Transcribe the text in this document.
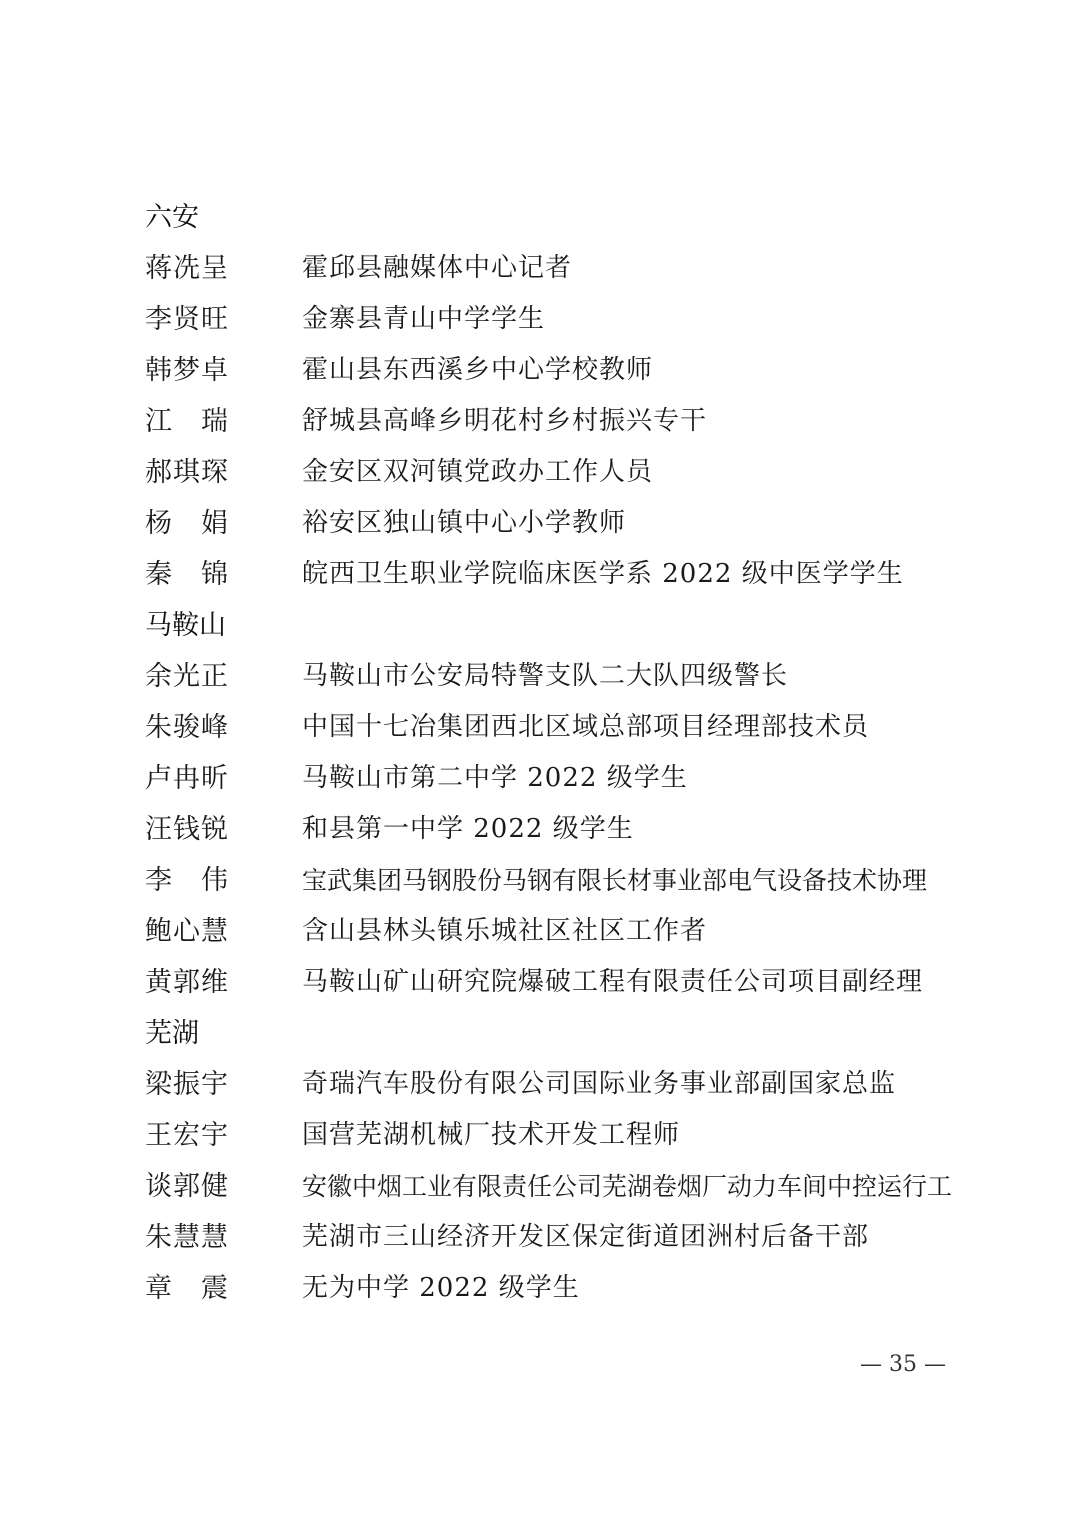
六安
蒋冼呈	霍邱县融媒体中心记者
李贤旺	金寨县青山中学学生
韩梦卓	霍山县东西溪乡中心学校教师
江　瑞	舒城县高峰乡明花村乡村振兴专干
郝琪琛	金安区双河镇党政办工作人员
杨　娟	裕安区独山镇中心小学教师
秦　锦	皖西卫生职业学院临床医学系 2022 级中医学学生
马鞍山
余光正	马鞍山市公安局特警支队二大队四级警长
朱骏峰	中国十七冶集团西北区域总部项目经理部技术员
卢冉昕	马鞍山市第二中学 2022 级学生
汪钱锐	和县第一中学 2022 级学生
李　伟	宝武集团马钢股份马钢有限长材事业部电气设备技术协理
鲍心慧	含山县林头镇乐城社区社区工作者
黄郭维	马鞍山矿山研究院爆破工程有限责任公司项目副经理
芜湖
梁振宇	奇瑞汽车股份有限公司国际业务事业部副国家总监
王宏宇	国营芜湖机械厂技术开发工程师
谈郭健	安徽中烟工业有限责任公司芜湖卷烟厂动力车间中控运行工
朱慧慧	芜湖市三山经济开发区保定街道团洲村后备干部
章　震	无为中学 2022 级学生
— 35 —
